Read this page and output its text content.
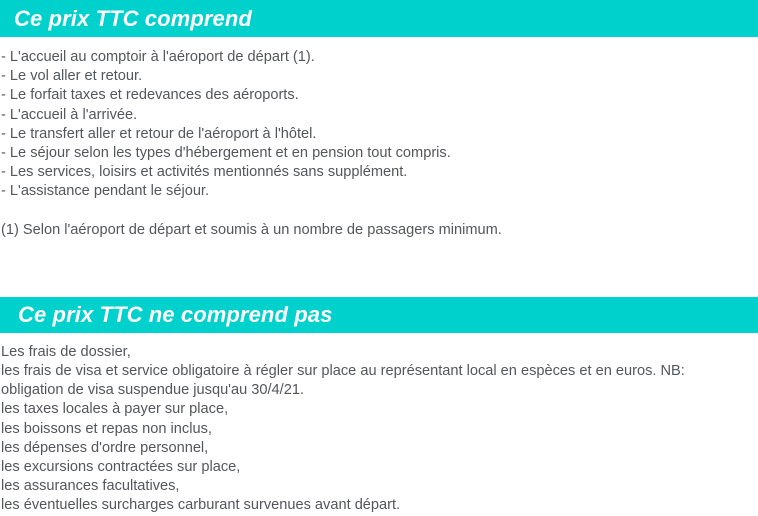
Ce prix TTC comprend
- L'accueil au comptoir à l'aéroport de départ (1).
- Le vol aller et retour.
- Le forfait taxes et redevances des aéroports.
- L'accueil à l'arrivée.
- Le transfert aller et retour de l'aéroport à l'hôtel.
- Le séjour selon les types d'hébergement et en pension tout compris.
- Les services, loisirs et activités mentionnés sans supplément.
- L'assistance pendant le séjour.
(1) Selon l'aéroport de départ et soumis à un nombre de passagers minimum.
Ce prix TTC ne comprend pas
Les frais de dossier,
les frais de visa et service obligatoire à régler sur place au représentant local en espèces et en euros. NB: obligation de visa suspendue jusqu'au 30/4/21.
les taxes locales à payer sur place,
les boissons et repas non inclus,
les dépenses d'ordre personnel,
les excursions contractées sur place,
les assurances facultatives,
les éventuelles surcharges carburant survenues avant départ.
